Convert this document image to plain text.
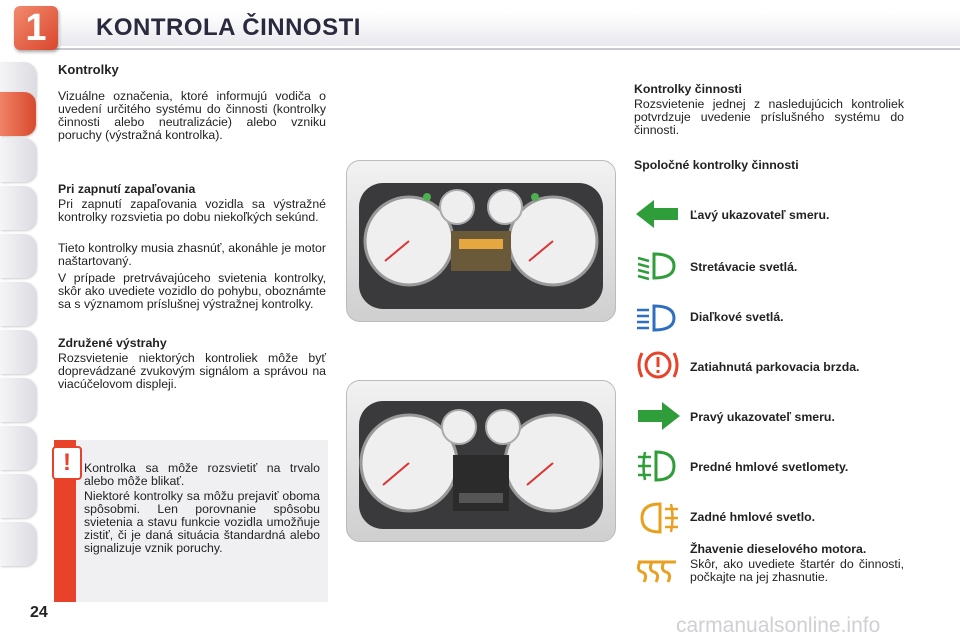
1	KONTROLA ČINNOSTI
Kontrolky
Vizuálne označenia, ktoré informujú vodiča o uvedení určitého systému do činnosti (kontrolky činnosti alebo neutralizácie) alebo vzniku poruchy (výstražná kontrolka).
Pri zapnutí zapaľovania
Pri zapnutí zapaľovania vozidla sa výstražné kontrolky rozsvietia po dobu niekoľkých sekúnd.
Tieto kontrolky musia zhasnúť, akonáhle je motor naštartovaný.
V prípade pretrvávajúceho svietenia kontrolky, skôr ako uvediete vozidlo do pohybu, oboznámte sa s významom príslušnej výstražnej kontrolky.
Združené výstrahy
Rozsvietenie niektorých kontroliek môže byť doprevádzané zvukovým signálom a správou na viacúčelovom displeji.
!	Kontrolka sa môže rozsvietiť na trvalo alebo môže blikať.
Niektoré kontrolky sa môžu prejaviť oboma spôsobmi. Len porovnanie spôsobu svietenia a stavu funkcie vozidla umožňuje zistiť, či je daná situácia štandardná alebo signalizuje vznik poruchy.
Kontrolky činnosti
Rozsvietenie jednej z nasledujúcich kontroliek potvrdzuje uvedenie príslušného systému do činnosti.
Spoločné kontrolky činnosti
Ľavý ukazovateľ smeru.
Stretávacie svetlá.
Diaľkové svetlá.
Zatiahnutá parkovacia brzda.
Pravý ukazovateľ smeru.
Predné hmlové svetlomety.
Zadné hmlové svetlo.
Žhavenie dieselového motora.
Skôr, ako uvediete štartér do činnosti, počkajte na jej zhasnutie.
24
carmanualsonline.info
